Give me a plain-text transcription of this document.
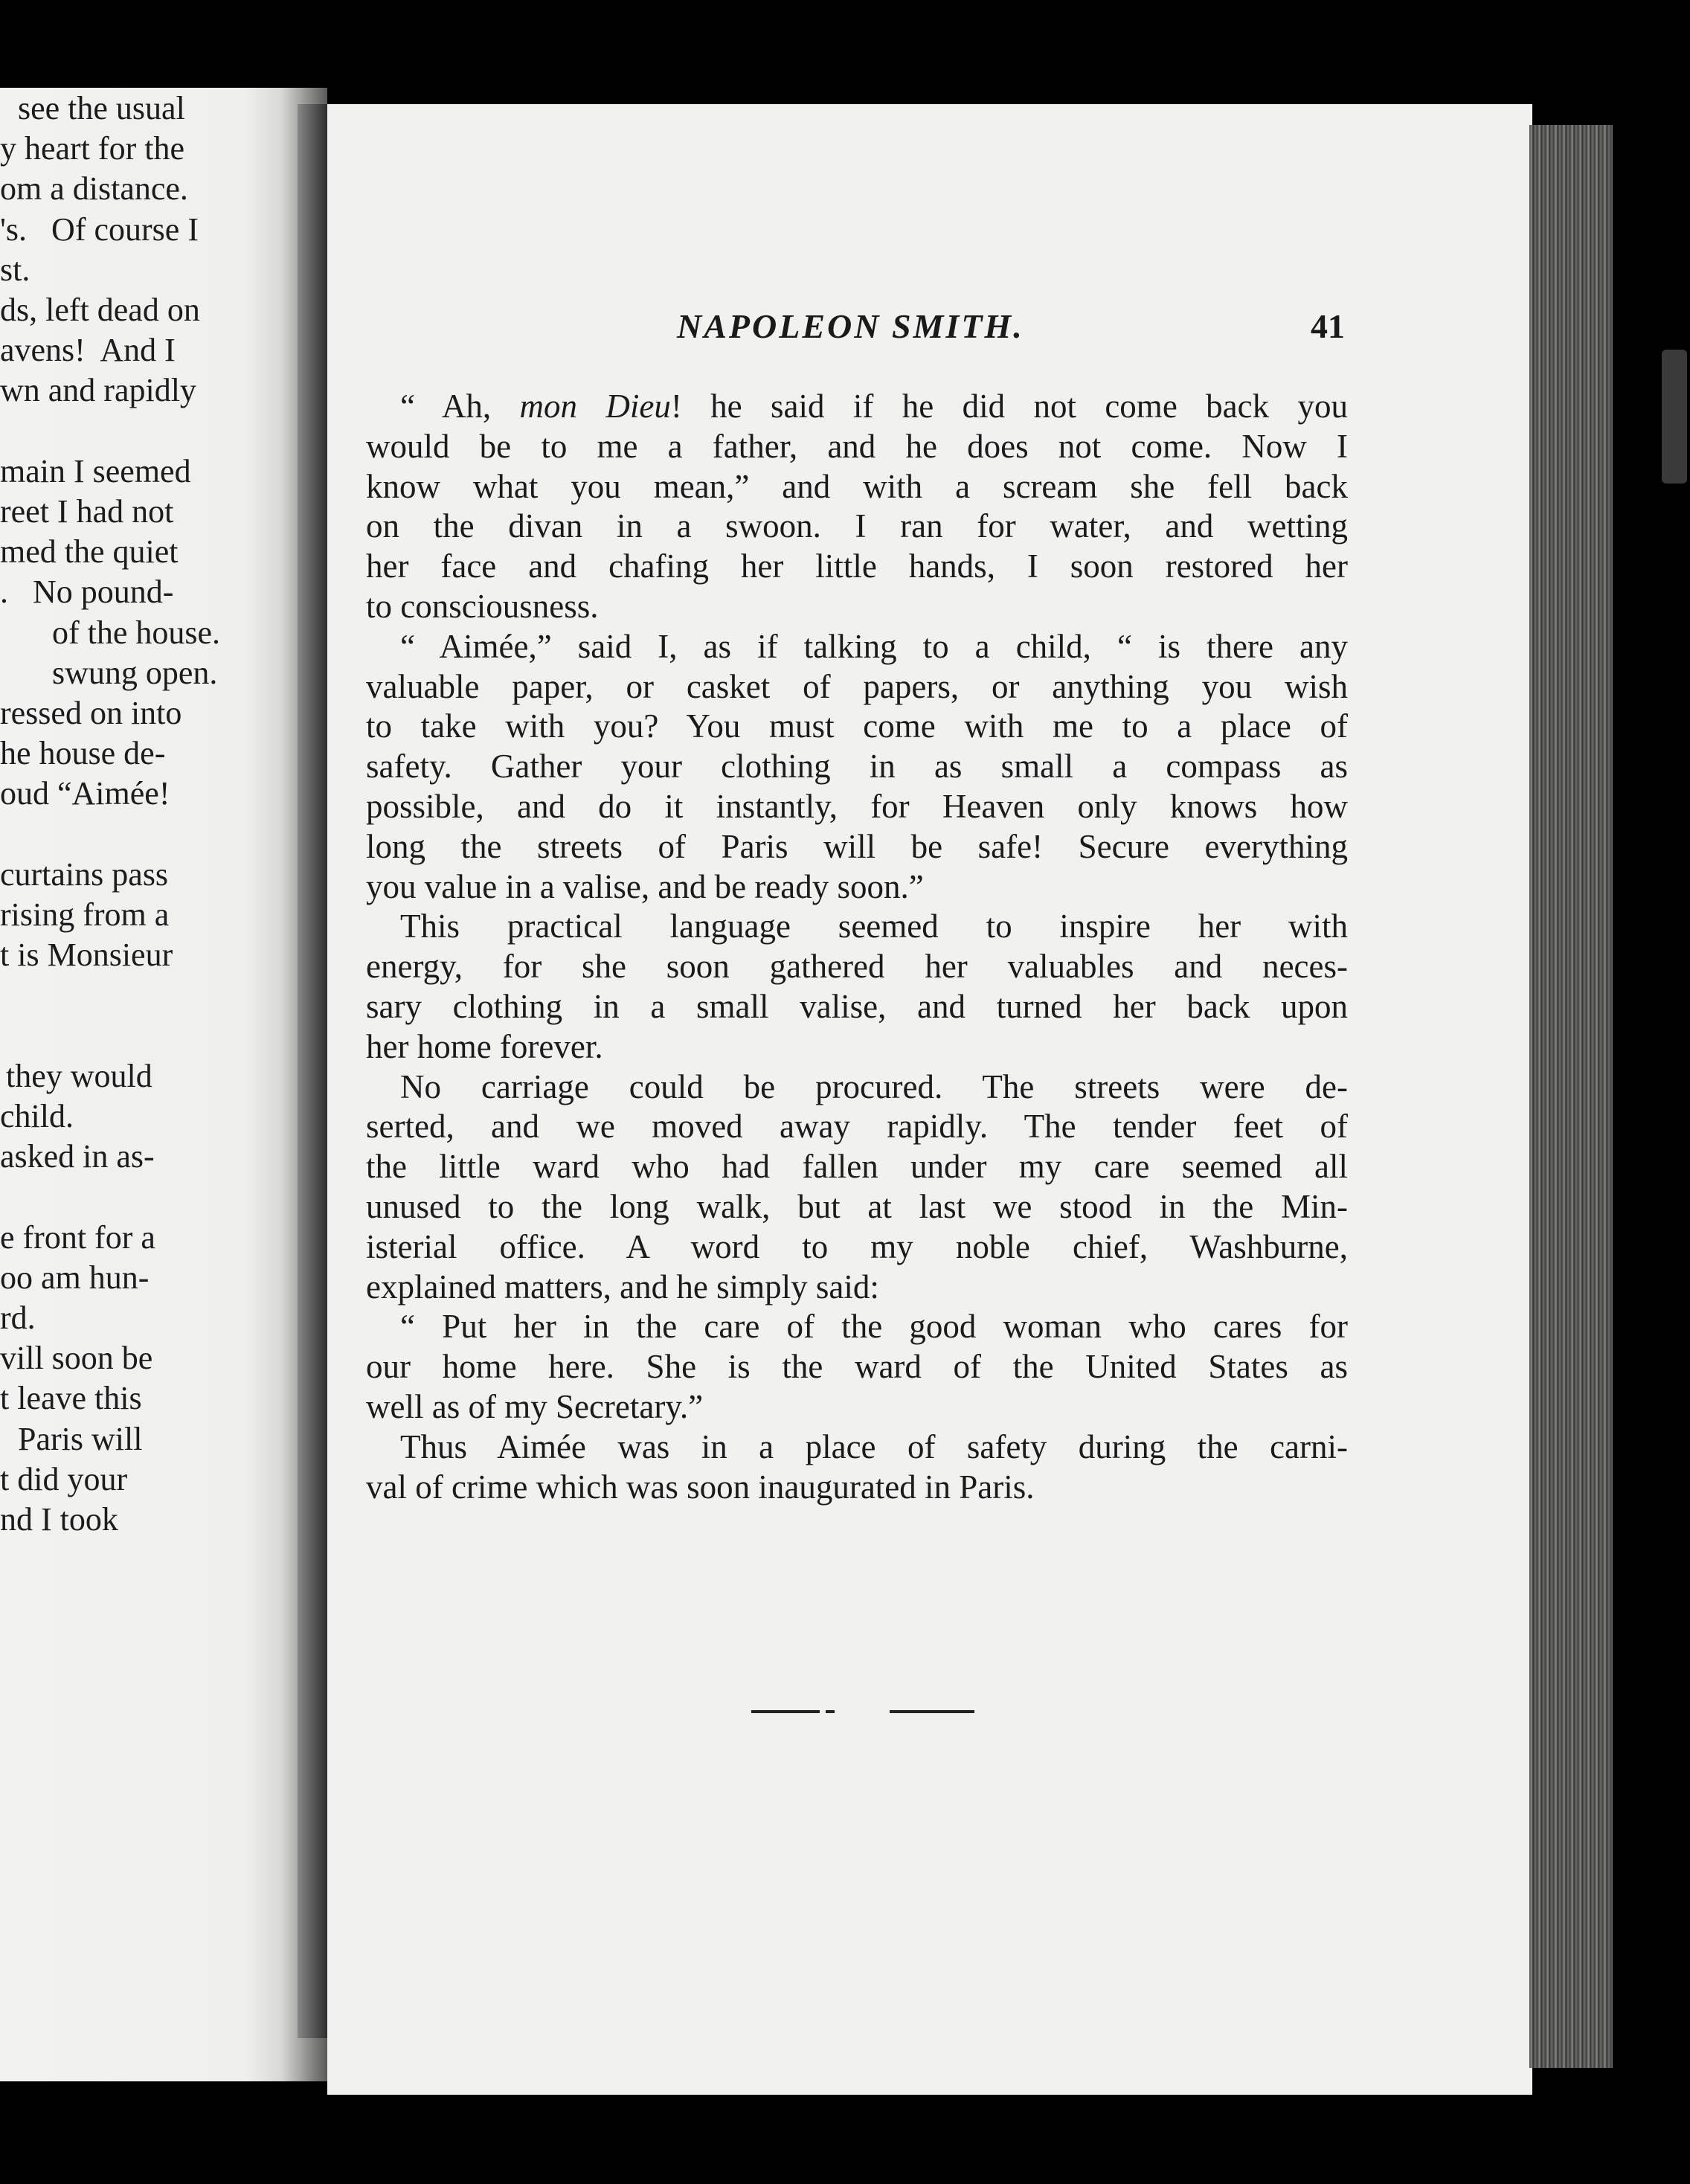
see the usual
y heart for the
om a distance.
's.   Of course I
st.
ds, left dead on
avens!  And I
wn and rapidly
main I seemed
reet I had not
med the quiet
.   No pound-
of the house.
swung open.
ressed on into
he house de-
oud “Aimée!
curtains pass
rising from a
t is Monsieur
they would
child.
asked in as-
e front for a
oo am hun-
rd.
vill soon be
t leave this
Paris will
t did your
nd I took
NAPOLEON SMITH.	41
“ Ah, mon Dieu! he said if he did not come back you
would be to me a father, and he does not come. Now I
know what you mean,” and with a scream she fell back
on the divan in a swoon. I ran for water, and wetting
her face and chafing her little hands, I soon restored her
to consciousness.
“ Aimée,” said I, as if talking to a child, “ is there any
valuable paper, or casket of papers, or anything you wish
to take with you? You must come with me to a place of
safety. Gather your clothing in as small a compass as
possible, and do it instantly, for Heaven only knows how
long the streets of Paris will be safe! Secure everything
you value in a valise, and be ready soon.”
This practical language seemed to inspire her with
energy, for she soon gathered her valuables and neces-
sary clothing in a small valise, and turned her back upon
her home forever.
No carriage could be procured. The streets were de-
serted, and we moved away rapidly. The tender feet of
the little ward who had fallen under my care seemed all
unused to the long walk, but at last we stood in the Min-
isterial office. A word to my noble chief, Washburne,
explained matters, and he simply said:
“ Put her in the care of the good woman who cares for
our home here. She is the ward of the United States as
well as of my Secretary.”
Thus Aimée was in a place of safety during the carni-
val of crime which was soon inaugurated in Paris.
